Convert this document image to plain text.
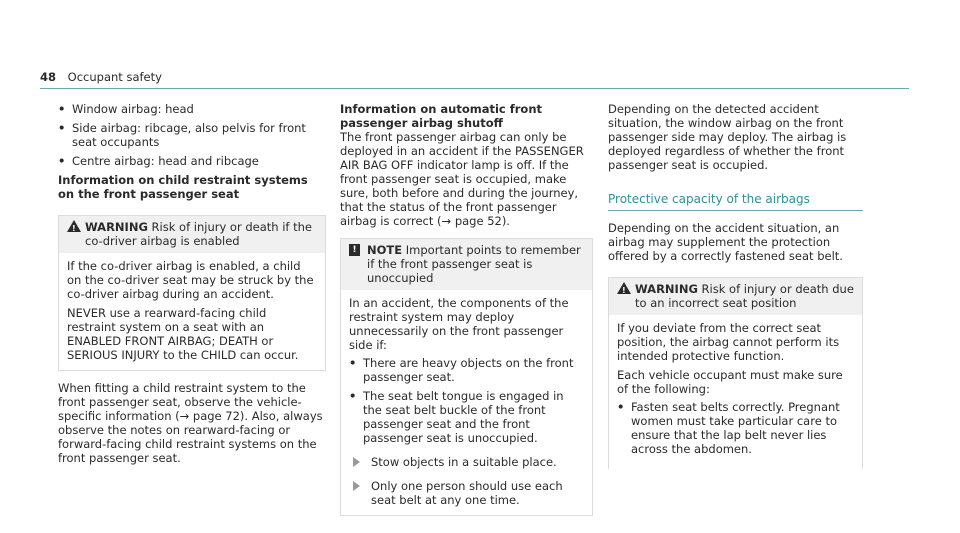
48 Occupant safety
• Window airbag: head
• Side airbag: ribcage, also pelvis for front seat occupants
• Centre airbag: head and ribcage

Information on child restraint systems on the front passenger seat

!
WARNING Risk of injury or death if the co-driver airbag is enabled

If the co-driver airbag is enabled, a child on the co-driver seat may be struck by the co-driver airbag during an accident.

NEVER use a rearward-facing child restraint system on a seat with an ENABLED FRONT AIRBAG; DEATH or SERIOUS INJURY to the CHILD can occur.

When fitting a child restraint system to the front passenger seat, observe the vehicle-specific information (→ page 72). Also, always observe the notes on rearward-facing or forward-facing child restraint systems on the front passenger seat.

Information on automatic front passenger airbag shutoff

The front passenger airbag can only be deployed in an accident if the PASSENGER AIR BAG OFF indicator lamp is off. If the front passenger seat is occupied, make sure, both before and during the journey, that the status of the front passenger airbag is correct (→ page 52).

! NOTE Important points to remember if the front passenger seat is unoccupied

In an accident, the components of the restraint system may deploy unnecessarily on the front passenger side if:

• There are heavy objects on the front passenger seat.
• The seat belt tongue is engaged in the seat belt buckle of the front passenger seat and the front passenger seat is unoccupied.
Stow objects in a suitable place.
Only one person should use each seat belt at any one time.

Depending on the detected accident situation, the window airbag on the front passenger side may deploy. The airbag is deployed regardless of whether the front passenger seat is occupied.

Protective capacity of the airbags

Depending on the accident situation, an airbag may supplement the protection offered by a correctly fastened seat belt.

!
WARNING Risk of injury or death due to an incorrect seat position

If you deviate from the correct seat position, the airbag cannot perform its intended protective function.

Each vehicle occupant must make sure of the following:

• Fasten seat belts correctly. Pregnant women must take particular care to ensure that the lap belt never lies across the abdomen.
